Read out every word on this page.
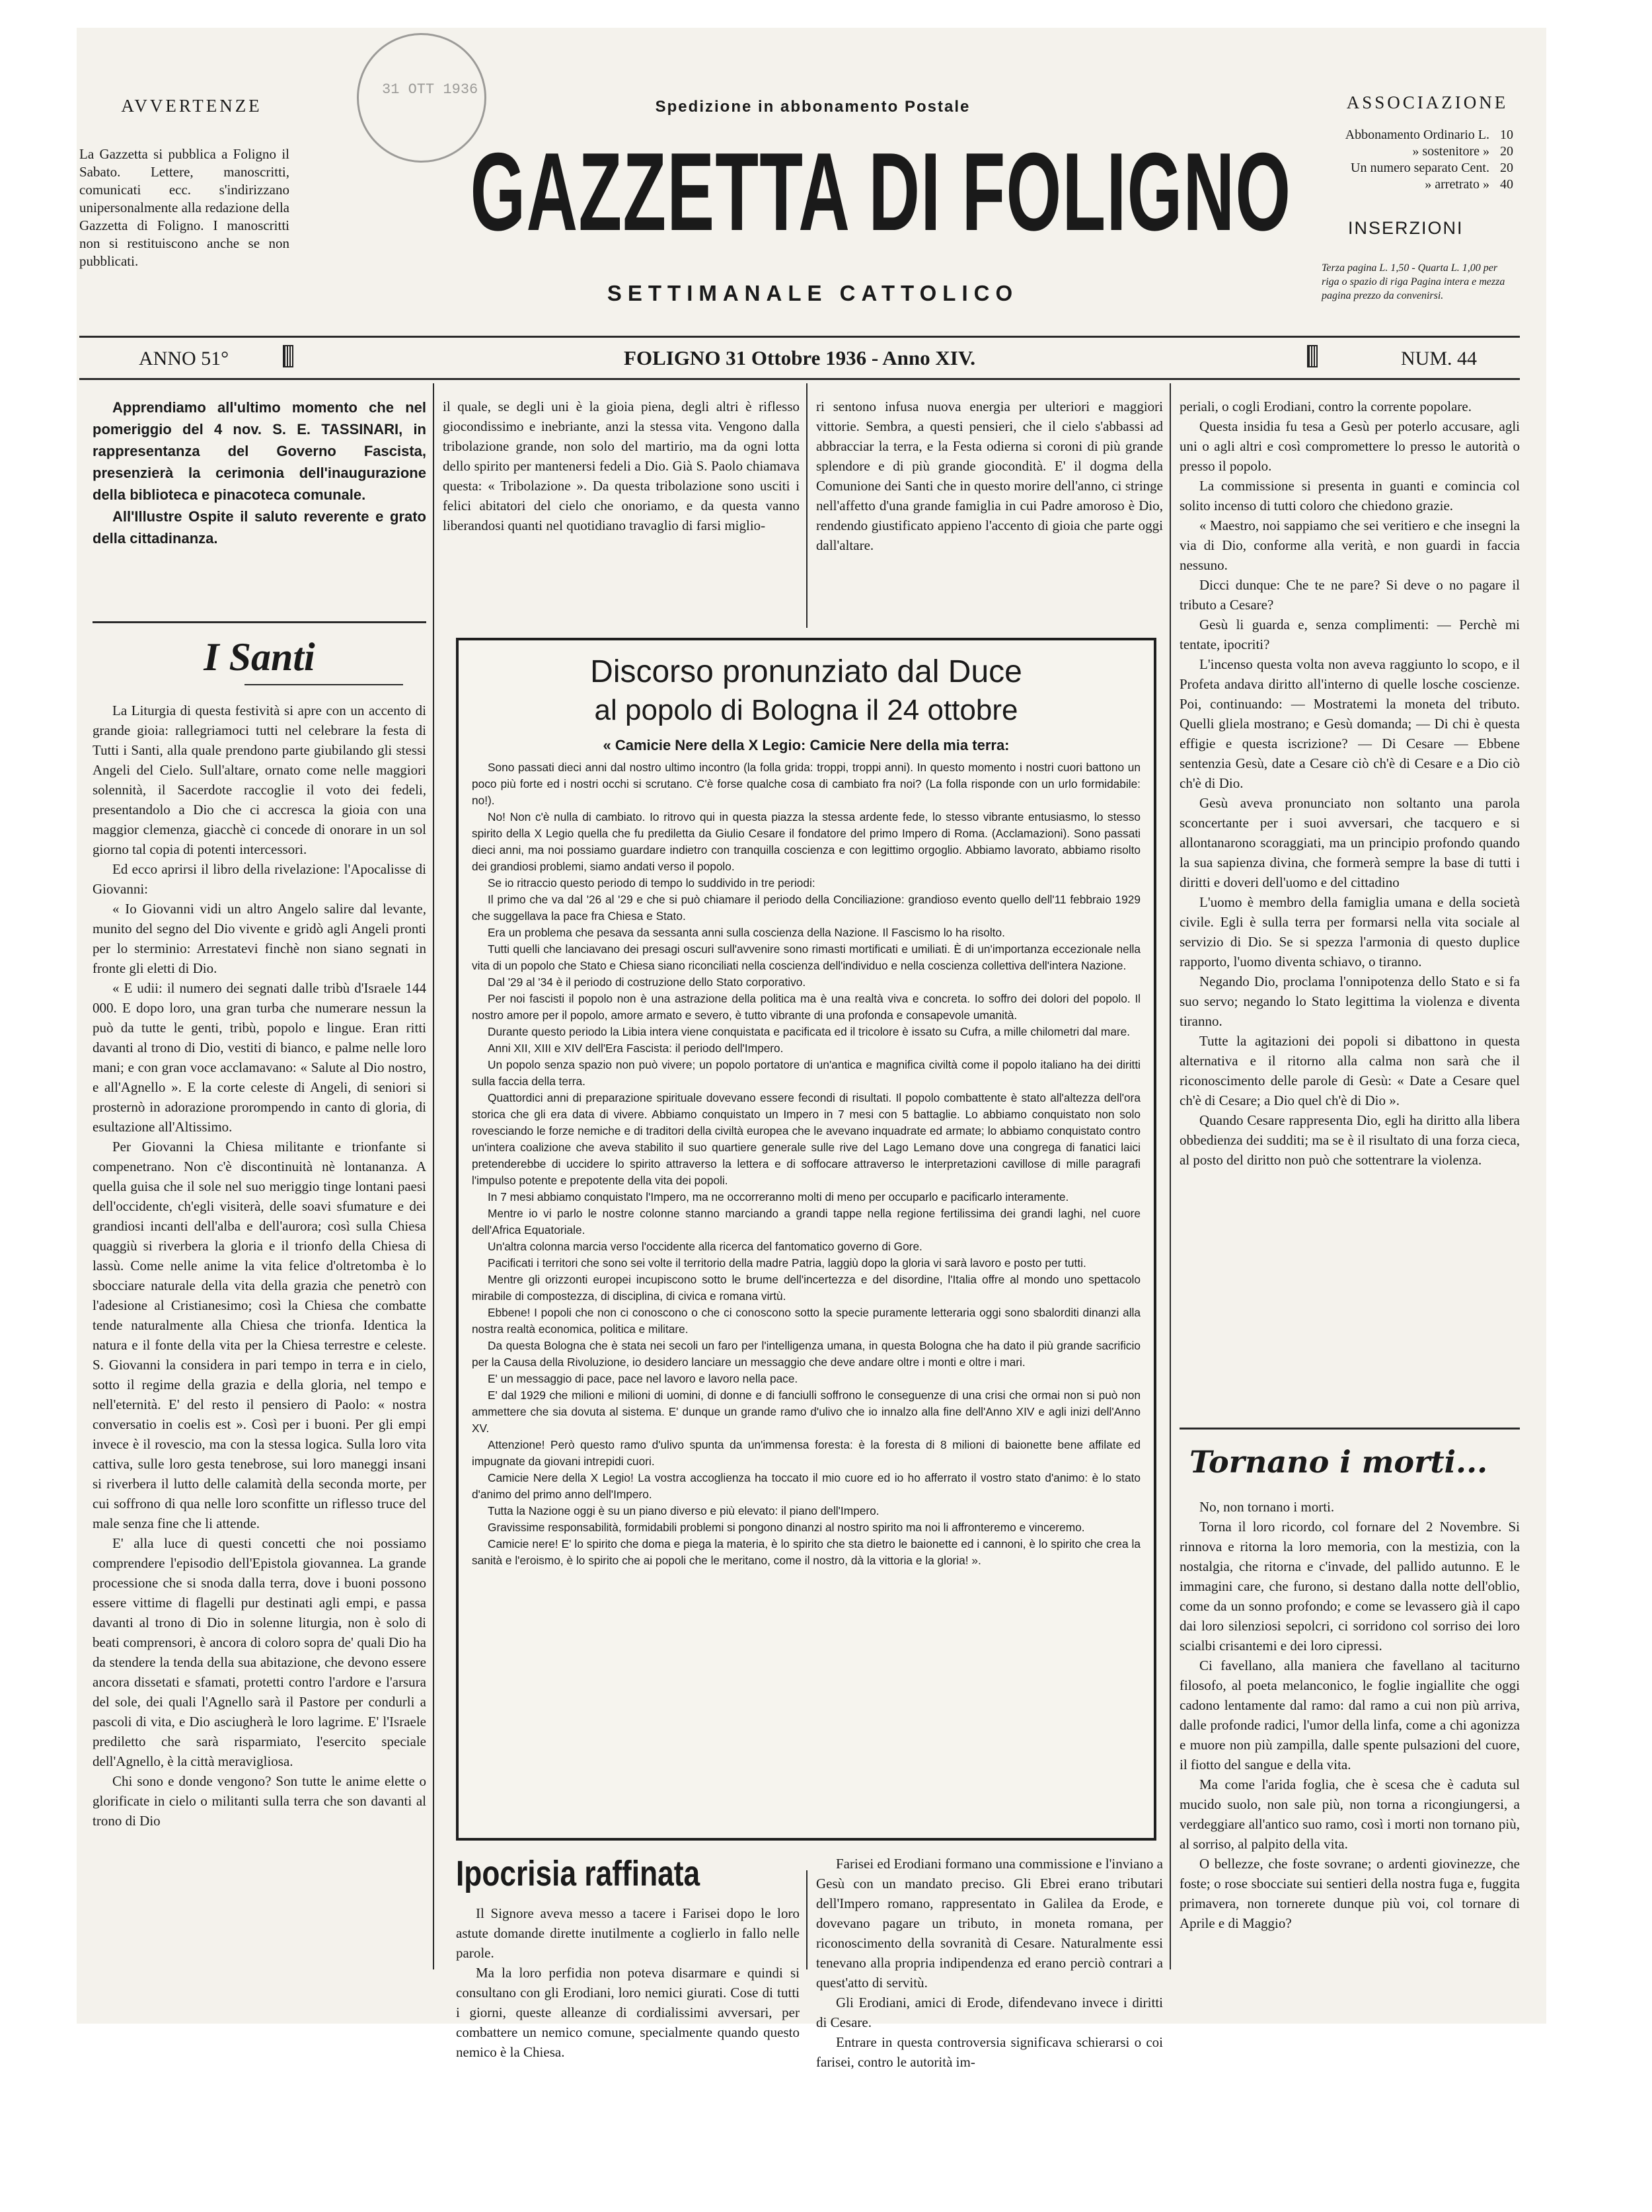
31 OTT 1936
AVVERTENZE
La Gazzetta si pubblica a Foligno il Sabato. Lettere, manoscritti, comunicati ecc. s'indirizzano unipersonalmente alla redazione della Gazzetta di Foligno. I manoscritti non si restituiscono anche se non pubblicati.
Spedizione in abbonamento Postale
GAZZETTA DI FOLIGNO
SETTIMANALE CATTOLICO
ASSOCIAZIONE
Abbonamento Ordinario L. 10
» sostenitore » 20
Un numero separato Cent. 20
» arretrato » 40
INSERZIONI
Terza pagina L. 1,50 - Quarta L. 1,00 per riga o spazio di riga Pagina intera e mezza pagina prezzo da convenirsi.
ANNO 51°	FOLIGNO 31 Ottobre 1936 - Anno XIV.	NUM. 44
Apprendiamo all'ultimo momento che nel pomeriggio del 4 nov. S. E. TASSINARI, in rappresentanza del Governo Fascista, presenzierà la cerimonia dell'inaugurazione della biblioteca e pinacoteca comunale.
All'Illustre Ospite il saluto reverente e grato della cittadinanza.
I Santi

La Liturgia di questa festività si apre con un accento di grande gioia: rallegriamoci tutti nel celebrare la festa di Tutti i Santi, alla quale prendono parte giubilando gli stessi Angeli del Cielo. Sull'altare, ornato come nelle maggiori solennità, il Sacerdote raccoglie il voto dei fedeli, presentandolo a Dio che ci accresca la gioia con una maggior clemenza, giacchè ci concede di onorare in un sol giorno tal copia di potenti intercessori.

Ed ecco aprirsi il libro della rivelazione: l'Apocalisse di Giovanni:

« Io Giovanni vidi un altro Angelo salire dal levante, munito del segno del Dio vivente e gridò agli Angeli pronti per lo sterminio: Arrestatevi finchè non siano segnati in fronte gli eletti di Dio.

« E udii: il numero dei segnati dalle tribù d'Israele 144 000. E dopo loro, una gran turba che numerare nessun la può da tutte le genti, tribù, popolo e lingue. Eran ritti davanti al trono di Dio, vestiti di bianco, e palme nelle loro mani; e con gran voce acclamavano: « Salute al Dio nostro, e all'Agnello ». E la corte celeste di Angeli, di seniori si prosternò in adorazione prorompendo in canto di gloria, di esultazione all'Altissimo.

Per Giovanni la Chiesa militante e trionfante si compenetrano. Non c'è discontinuità nè lontananza. A quella guisa che il sole nel suo meriggio tinge lontani paesi dell'occidente, ch'egli visiterà, delle soavi sfumature e dei grandiosi incanti dell'alba e dell'aurora; così sulla Chiesa quaggiù si riverbera la gloria e il trionfo della Chiesa di lassù. Come nelle anime la vita felice d'oltretomba è lo sbocciare naturale della vita della grazia che penetrò con l'adesione al Cristianesimo; così la Chiesa che combatte tende naturalmente alla Chiesa che trionfa. Identica la natura e il fonte della vita per la Chiesa terrestre e celeste. S. Giovanni la considera in pari tempo in terra e in cielo, sotto il regime della grazia e della gloria, nel tempo e nell'eternità. E' del resto il pensiero di Paolo: « nostra conversatio in coelis est ». Così per i buoni. Per gli empi invece è il rovescio, ma con la stessa logica. Sulla loro vita cattiva, sulle loro gesta tenebrose, sui loro maneggi insani si riverbera il lutto delle calamità della seconda morte, per cui soffrono di qua nelle loro sconfitte un riflesso truce del male senza fine che li attende.

E' alla luce di questi concetti che noi possiamo comprendere l'episodio dell'Epistola giovannea. La grande processione che si snoda dalla terra, dove i buoni possono essere vittime di flagelli pur destinati agli empi, e passa davanti al trono di Dio in solenne liturgia, non è solo di beati comprensori, è ancora di coloro sopra de' quali Dio ha da stendere la tenda della sua abitazione, che devono essere ancora dissetati e sfamati, protetti contro l'ardore e l'arsura del sole, dei quali l'Agnello sarà il Pastore per condurli a pascoli di vita, e Dio asciugherà le loro lagrime. E' l'Israele prediletto che sarà risparmiato, l'esercito speciale dell'Agnello, è la città meravigliosa.

Chi sono e donde vengono? Son tutte le anime elette o glorificate in cielo o militanti sulla terra che son davanti al trono di Dio

il quale, se degli uni è la gioia piena, degli altri è riflesso giocondissimo e inebriante, anzi la stessa vita. Vengono dalla tribolazione grande, non solo del martirio, ma da ogni lotta dello spirito per mantenersi fedeli a Dio. Già S. Paolo chiamava questa: « Tribolazione ». Da questa tribolazione sono usciti i felici abitatori del cielo che onoriamo, e da questa vanno liberandosi quanti nel quotidiano travaglio di farsi miglio-

ri sentono infusa nuova energia per ulteriori e maggiori vittorie. Sembra, a questi pensieri, che il cielo s'abbassi ad abbracciar la terra, e la Festa odierna si coroni di più grande splendore e di più grande giocondità. E' il dogma della Comunione dei Santi che in questo morire dell'anno, ci stringe nell'affetto d'una grande famiglia in cui Padre amoroso è Dio, rendendo giustificato appieno l'accento di gioia che parte oggi dall'altare.

Discorso pronunziato dal Duce
al popolo di Bologna il 24 ottobre
« Camicie Nere della X Legio: Camicie Nere della mia terra:

Sono passati dieci anni dal nostro ultimo incontro (la folla grida: troppi, troppi anni). In questo momento i nostri cuori battono un poco più forte ed i nostri occhi si scrutano. C'è forse qualche cosa di cambiato fra noi? (La folla risponde con un urlo formidabile: no!).

No! Non c'è nulla di cambiato. Io ritrovo qui in questa piazza la stessa ardente fede, lo stesso vibrante entusiasmo, lo stesso spirito della X Legio quella che fu prediletta da Giulio Cesare il fondatore del primo Impero di Roma. (Acclamazioni). Sono passati dieci anni, ma noi possiamo guardare indietro con tranquilla coscienza e con legittimo orgoglio. Abbiamo lavorato, abbiamo risolto dei grandiosi problemi, siamo andati verso il popolo.

Se io ritraccio questo periodo di tempo lo suddivido in tre periodi:

Il primo che va dal '26 al '29 e che si può chiamare il periodo della Conciliazione: grandioso evento quello dell'11 febbraio 1929 che suggellava la pace fra Chiesa e Stato.

Era un problema che pesava da sessanta anni sulla coscienza della Nazione. Il Fascismo lo ha risolto.

Tutti quelli che lanciavano dei presagi oscuri sull'avvenire sono rimasti mortificati e umiliati. È di un'importanza eccezionale nella vita di un popolo che Stato e Chiesa siano riconciliati nella coscienza dell'individuo e nella coscienza collettiva dell'intera Nazione.

Dal '29 al '34 è il periodo di costruzione dello Stato corporativo.

Per noi fascisti il popolo non è una astrazione della politica ma è una realtà viva e concreta. Io soffro dei dolori del popolo. Il nostro amore per il popolo, amore armato e severo, è tutto vibrante di una profonda e consapevole umanità.

Durante questo periodo la Libia intera viene conquistata e pacificata ed il tricolore è issato su Cufra, a mille chilometri dal mare.

Anni XII, XIII e XIV dell'Era Fascista: il periodo dell'Impero.

Un popolo senza spazio non può vivere; un popolo portatore di un'antica e magnifica civiltà come il popolo italiano ha dei diritti sulla faccia della terra.

Quattordici anni di preparazione spirituale dovevano essere fecondi di risultati. Il popolo combattente è stato all'altezza dell'ora storica che gli era data di vivere. Abbiamo conquistato un Impero in 7 mesi con 5 battaglie. Lo abbiamo conquistato non solo rovesciando le forze nemiche e di traditori della civiltà europea che le avevano inquadrate ed armate; lo abbiamo conquistato contro un'intera coalizione che aveva stabilito il suo quartiere generale sulle rive del Lago Lemano dove una congrega di fanatici laici pretenderebbe di uccidere lo spirito attraverso la lettera e di soffocare attraverso le interpretazioni cavillose di mille paragrafi l'impulso potente e prepotente della vita dei popoli.

In 7 mesi abbiamo conquistato l'Impero, ma ne occorreranno molti di meno per occuparlo e pacificarlo interamente.

Mentre io vi parlo le nostre colonne stanno marciando a grandi tappe nella regione fertilissima dei grandi laghi, nel cuore dell'Africa Equatoriale.

Un'altra colonna marcia verso l'occidente alla ricerca del fantomatico governo di Gore.

Pacificati i territori che sono sei volte il territorio della madre Patria, laggiù dopo la gloria vi sarà lavoro e posto per tutti.

Mentre gli orizzonti europei incupiscono sotto le brume dell'incertezza e del disordine, l'Italia offre al mondo uno spettacolo mirabile di compostezza, di disciplina, di civica e romana virtù.

Ebbene! I popoli che non ci conoscono o che ci conoscono sotto la specie puramente letteraria oggi sono sbalorditi dinanzi alla nostra realtà economica, politica e militare.

Da questa Bologna che è stata nei secoli un faro per l'intelligenza umana, in questa Bologna che ha dato il più grande sacrificio per la Causa della Rivoluzione, io desidero lanciare un messaggio che deve andare oltre i monti e oltre i mari.

E' un messaggio di pace, pace nel lavoro e lavoro nella pace.

E' dal 1929 che milioni e milioni di uomini, di donne e di fanciulli soffrono le conseguenze di una crisi che ormai non si può non ammettere che sia dovuta al sistema. E' dunque un grande ramo d'ulivo che io innalzo alla fine dell'Anno XIV e agli inizi dell'Anno XV.

Attenzione! Però questo ramo d'ulivo spunta da un'immensa foresta: è la foresta di 8 milioni di baionette bene affilate ed impugnate da giovani intrepidi cuori.

Camicie Nere della X Legio! La vostra accoglienza ha toccato il mio cuore ed io ho afferrato il vostro stato d'animo: è lo stato d'animo del primo anno dell'Impero.

Tutta la Nazione oggi è su un piano diverso e più elevato: il piano dell'Impero.

Gravissime responsabilità, formidabili problemi si pongono dinanzi al nostro spirito ma noi li affronteremo e vinceremo.

Camicie nere! E' lo spirito che doma e piega la materia, è lo spirito che sta dietro le baionette ed i cannoni, è lo spirito che crea la sanità e l'eroismo, è lo spirito che ai popoli che le meritano, come il nostro, dà la vittoria e la gloria! ».

Ipocrisia raffinata

Il Signore aveva messo a tacere i Farisei dopo le loro astute domande dirette inutilmente a coglierlo in fallo nelle parole.

Ma la loro perfidia non poteva disarmare e quindi si consultano con gli Erodiani, loro nemici giurati. Cose di tutti i giorni, queste alleanze di cordialissimi avversari, per combattere un nemico comune, specialmente quando questo nemico è la Chiesa.

Farisei ed Erodiani formano una commissione e l'inviano a Gesù con un mandato preciso. Gli Ebrei erano tributari dell'Impero romano, rappresentato in Galilea da Erode, e dovevano pagare un tributo, in moneta romana, per riconoscimento della sovranità di Cesare. Naturalmente essi tenevano alla propria indipendenza ed erano perciò contrari a quest'atto di servitù.

Gli Erodiani, amici di Erode, difendevano invece i diritti di Cesare.

Entrare in questa controversia significava schierarsi o coi farisei, contro le autorità im-

periali, o cogli Erodiani, contro la corrente popolare.

Questa insidia fu tesa a Gesù per poterlo accusare, agli uni o agli altri e così compromettere lo presso le autorità o presso il popolo.

La commissione si presenta in guanti e comincia col solito incenso di tutti coloro che chiedono grazie.

« Maestro, noi sappiamo che sei veritiero e che insegni la via di Dio, conforme alla verità, e non guardi in faccia nessuno.

Dicci dunque: Che te ne pare? Si deve o no pagare il tributo a Cesare?

Gesù li guarda e, senza complimenti: — Perchè mi tentate, ipocriti?

L'incenso questa volta non aveva raggiunto lo scopo, e il Profeta andava diritto all'interno di quelle losche coscienze. Poi, continuando: — Mostratemi la moneta del tributo. Quelli gliela mostrano; e Gesù domanda; — Di chi è questa effigie e questa iscrizione? — Di Cesare — Ebbene sentenzia Gesù, date a Cesare ciò ch'è di Cesare e a Dio ciò ch'è di Dio.

Gesù aveva pronunciato non soltanto una parola sconcertante per i suoi avversari, che tacquero e si allontanarono scoraggiati, ma un principio profondo quando la sua sapienza divina, che formerà sempre la base di tutti i diritti e doveri dell'uomo e del cittadino

L'uomo è membro della famiglia umana e della società civile. Egli è sulla terra per formarsi nella vita sociale al servizio di Dio. Se si spezza l'armonia di questo duplice rapporto, l'uomo diventa schiavo, o tiranno.

Negando Dio, proclama l'onnipotenza dello Stato e si fa suo servo; negando lo Stato legittima la violenza e diventa tiranno.

Tutte la agitazioni dei popoli si dibattono in questa alternativa e il ritorno alla calma non sarà che il riconoscimento delle parole di Gesù: « Date a Cesare quel ch'è di Cesare; a Dio quel ch'è di Dio ».

Quando Cesare rappresenta Dio, egli ha diritto alla libera obbedienza dei sudditi; ma se è il risultato di una forza cieca, al posto del diritto non può che sottentrare la violenza.

Tornano i morti...

No, non tornano i morti.

Torna il loro ricordo, col fornare del 2 Novembre. Si rinnova e ritorna la loro memoria, con la mestizia, con la nostalgia, che ritorna e c'invade, del pallido autunno. E le immagini care, che furono, si destano dalla notte dell'oblio, come da un sonno profondo; e come se levassero già il capo dai loro silenziosi sepolcri, ci sorridono col sorriso dei loro scialbi crisantemi e dei loro cipressi.

Ci favellano, alla maniera che favellano al taciturno filosofo, al poeta melanconico, le foglie ingiallite che oggi cadono lentamente dal ramo: dal ramo a cui non più arriva, dalle profonde radici, l'umor della linfa, come a chi agonizza e muore non più zampilla, dalle spente pulsazioni del cuore, il fiotto del sangue e della vita.

Ma come l'arida foglia, che è scesa che è caduta sul mucido suolo, non sale più, non torna a ricongiungersi, a verdeggiare all'antico suo ramo, così i morti non tornano più, al sorriso, al palpito della vita.

O bellezze, che foste sovrane; o ardenti giovinezze, che foste; o rose sbocciate sui sentieri della nostra fuga e, fuggita primavera, non tornerete dunque più voi, col tornare di Aprile e di Maggio?
